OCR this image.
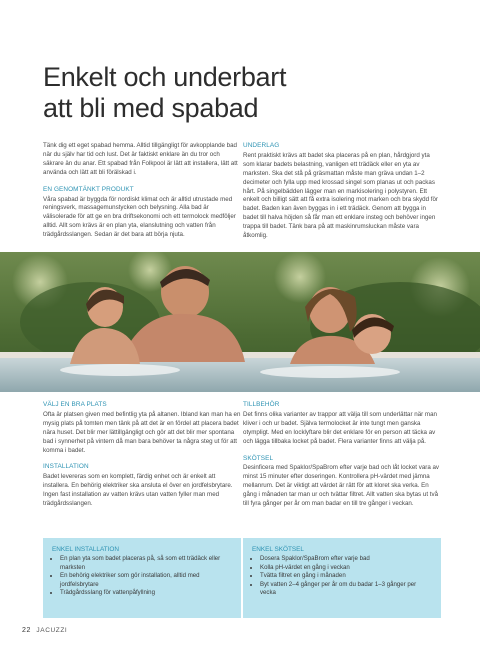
Enkelt och underbart
att bli med spabad

Tänk dig ett eget spabad hemma. Alltid tillgängligt för avkopplande bad när du själv har tid och lust. Det är faktiskt enklare än du tror och säkrare än du anar. Ett spabad från Folkpool är lätt att installera, lätt att använda och lätt att bli förälskad i.

EN GENOMTÄNKT PRODUKT

Våra spabad är byggda för nordiskt klimat och är alltid utrustade med reningsverk, massagemunstycken och belysning. Alla bad är välisolerade för att ge en bra driftsekonomi och ett termolock medföljer alltid. Allt som krävs är en plan yta, elanslutning och vatten från trädgårdsslangen. Sedan är det bara att börja njuta.

UNDERLAG

Rent praktiskt krävs att badet ska placeras på en plan, hårdgjord yta som klarar badets belastning, vanligen ett trädäck eller en yta av marksten. Ska det stå på gräsmattan måste man gräva undan 1–2 decimeter och fylla upp med krossad singel som planas ut och packas hårt. På singelbädden lägger man en markisolering i polystyren. Ett enkelt och billigt sätt att få extra isolering mot marken och bra skydd för badet. Baden kan även byggas in i ett trädäck. Genom att bygga in badet till halva höjden så får man ett enklare insteg och behöver ingen trappa till badet. Tänk bara på att maskinrumsluckan måste vara åtkomlig.

VÄLJ EN BRA PLATS

Ofta är platsen given med befintlig yta på altanen. Ibland kan man ha en mysig plats på tomten men tänk på att det är en fördel att placera badet nära huset. Det blir mer lättillgängligt och gör att det blir mer spontana bad i synnerhet på vintern då man bara behöver ta några steg ut för att komma i badet.

INSTALLATION

Badet levereras som en komplett, färdig enhet och är enkelt att installera. En behörig elektriker ska ansluta el över en jordfelsbrytare. Ingen fast installation av vatten krävs utan vatten fyller man med trädgårdsslangen.

TILLBEHÖR

Det finns olika varianter av trappor att välja till som underlättar när man kliver i och ur badet. Själva termolocket är inte tungt men ganska otympligt. Med en locklyftare blir det enklare för en person att täcka av och lägga tillbaka locket på badet. Flera varianter finns att välja på.

SKÖTSEL

Desinficera med Spaklor/SpaBrom efter varje bad och låt locket vara av minst 15 minuter efter doseringen. Kontrollera pH-värdet med jämna mellanrum. Det är viktigt att värdet är rätt för att kloret ska verka. En gång i månaden tar man ur och tvättar filtret. Allt vatten ska bytas ut två till fyra gånger per år om man badar en till tre gånger i veckan.

ENKEL INSTALLATION

• En plan yta som badet placeras på, så som ett trädäck eller marksten
• En behörig elektriker som gör installation, alltid med jordfelsbrytare
• Trädgårdsslang för vattenpåfyllning

ENKEL SKÖTSEL

• Dosera Spaklor/SpaBrom efter varje bad
• Kolla pH-värdet en gång i veckan
• Tvätta filtret en gång i månaden
• Byt vatten 2–4 gånger per år om du badar 1–3 gånger per vecka
22 JACUZZI
